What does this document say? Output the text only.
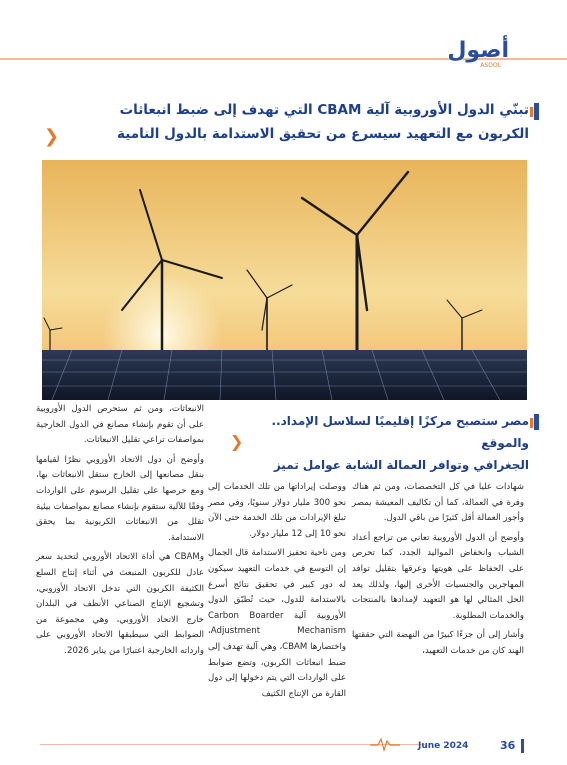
أصول
ASOOL
تبنّي الدول الأوروبية آلية CBAM التي تهدف إلى ضبط انبعاثات
الكربون مع التعهيد سيسرع من تحقيق الاستدامة بالدول النامية
❯
مصر ستصبح مركزًا إقليميًا لسلاسل الإمداد.. والموقع
الجغرافي وتوافر العمالة الشابة عوامل تميز
❯

الانبعاثات، ومن ثم ستحرص الدول الأوروبية على أن تقوم بإنشاء مصانع في الدول الخارجية بمواصفات تراعي تقليل الانبعاثات.

وأوضح أن دول الاتحاد الأوروبي نظرًا لقيامها بنقل مصانعها إلى الخارج ستقل الانبعاثات بها، ومع حرصها على تقليل الرسوم على الواردات وفقًا للآلية ستقوم بإنشاء مصانع بمواصفات بيئية تقلل من الانبعاثات الكربونية بما يحقق الاستدامة.

وCBAM هي أداة الاتحاد الأوروبي لتحديد سعر عادل للكربون المنبعث في أثناء إنتاج السلع الكثيفة الكربون التي تدخل الاتحاد الأوروبي، وتشجيع الإنتاج الصناعي الأنظف في البلدان خارج الاتحاد الأوروبي، وهي مجموعة من الضوابط التي سيطبقها الاتحاد الأوروبي على وارداته الخارجية اعتبارًا من يناير 2026.

ووصلت إيراداتها من تلك الخدمات إلى نحو 300 مليار دولار سنويًا، وفي مصر تبلغ الإيرادات من تلك الخدمة حتى الآن نحو 10 إلى 12 مليار دولار.

ومن ناحية تحفيز الاستدامة قال الجمال إن التوسع في خدمات التعهيد سيكون له دور كبير في تحقيق نتائج أسرع بالاستدامة للدول، حيث تُطبّق الدول الأوروبية آلية Carbon Boarder Adjustment Mechanism، واختصارها CBAM، وهي آلية تهدف إلى ضبط انبعاثات الكربون، وتضع ضوابط على الواردات التي يتم دخولها إلى دول القارة من الإنتاج الكثيف

شهادات عليا في كل التخصصات، ومن ثم هناك وفرة في العمالة، كما أن تكاليف المعيشة بمصر وأجور العمالة أقل كثيرًا من باقي الدول.

وأوضح أن الدول الأوروبية تعاني من تراجع أعداد الشباب وانخفاض المواليد الجدد، كما تحرص على الحفاظ على هويتها وعرقها بتقليل توافد المهاجرين والجنسيات الأخرى إليها، ولذلك يعد الحل المثالي لها هو التعهيد لإمدادها بالمنتجات والخدمات المطلوبة.

وأشار إلى أن جزءًا كبيرًا من النهضة التي حققتها الهند كان من خدمات التعهيد،

June 2024	36
